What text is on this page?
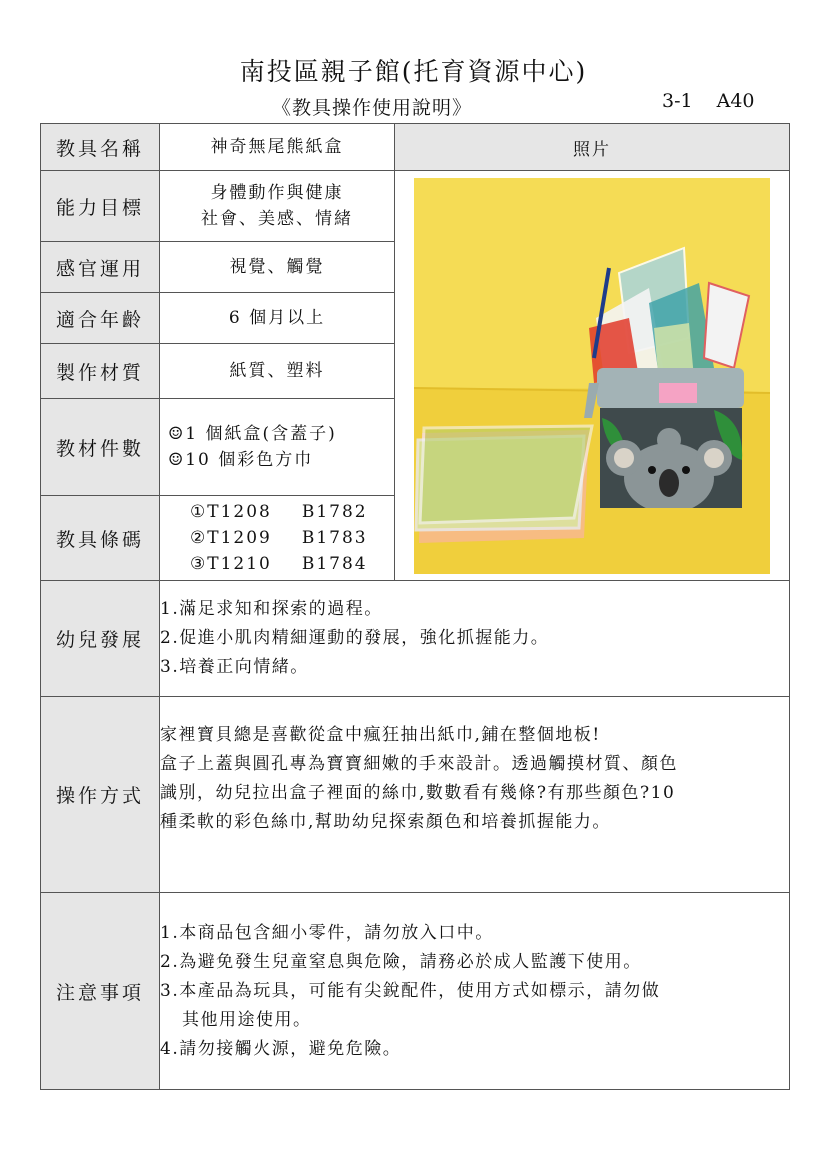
南投區親子館(托育資源中心)
《教具操作使用說明》	3-1 A40
教具名稱	神奇無尾熊紙盒	照片
能力目標	身體動作與健康
社會、美感、情緒

感官運用	視覺、觸覺	
適合年齡	6 個月以上	
製作材質	紙質、塑料	
教材件數	☺1 個紙盒(含蓋子)
☺10 個彩色方巾	

教具條碼	①T1208 B1782
②T1209 B1783
③T1210 B1784	

幼兒發展	1.滿足求知和探索的過程。
2.促進小肌肉精細運動的發展，強化抓握能力。
3.培養正向情緒。	

操作方式	家裡寶貝總是喜歡從盒中瘋狂抽出紙巾,鋪在整個地板!
盒子上蓋與圓孔專為寶寶細嫩的手來設計。透過觸摸材質、顏色
識別，幼兒拉出盒子裡面的絲巾,數數看有幾條?有那些顏色?10
種柔軟的彩色絲巾,幫助幼兒探索顏色和培養抓握能力。	

注意事項	1.本商品包含細小零件，請勿放入口中。
2.為避免發生兒童窒息與危險，請務必於成人監護下使用。
3.本產品為玩具，可能有尖銳配件，使用方式如標示，請勿做
其他用途使用。
4.請勿接觸火源，避免危險。	
